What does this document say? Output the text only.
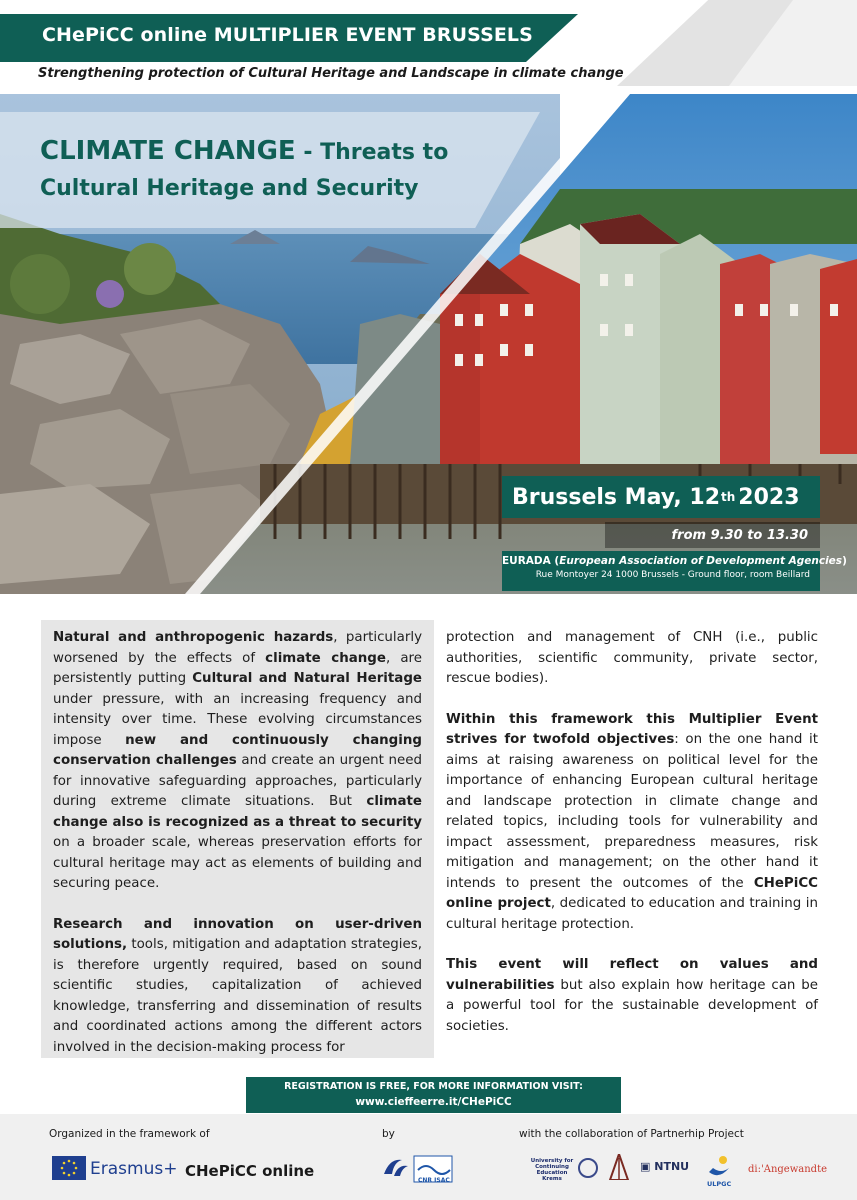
CHePiCC online MULTIPLIER EVENT BRUSSELS
Strengthening protection of Cultural Heritage and Landscape in climate change
CLIMATE CHANGE - Threats to Cultural Heritage and Security
Brussels May, 12 th 2023
from 9.30 to 13.30
EURADA (European Association of Development Agencies
Rue Montoyer 24 1000 Brussels - Ground floor, room Beillard

Natural and anthropogenic hazards, particularly worsened by the effects of climate change, are persistently putting Cultural and Natural Heritage under pressure, with an increasing frequency and intensity over time. These evolving circumstances impose new and continuously changing conservation challenges and create an urgent need for innovative safeguarding approaches, particularly during extreme climate situations. But climate change also is recognized as a threat to security on a broader scale, whereas preservation efforts for cultural heritage may act as elements of building and securing peace.

Research and innovation on user-driven solutions, tools, mitigation and adaptation strategies, is therefore urgently required, based on sound scientific studies, capitalization of achieved knowledge, transferring and dissemination of results and coordinated actions among the different actors involved in the decision-making process for

protection and management of CNH (i.e., public authorities, scientific community, private sector, rescue bodies).

Within this framework this Multiplier Event strives for twofold objectives: on the one hand it aims at raising awareness on political level for the importance of enhancing European cultural heritage and landscape protection in climate change and related topics, including tools for vulnerability and impact assessment, preparedness measures, risk mitigation and management; on the other hand it intends to present the outcomes of the CHePiCC online project, dedicated to education and training in cultural heritage protection.

This event will reflect on values and vulnerabilities but also explain how heritage can be a powerful tool for the sustainable development of societies.

REGISTRATION IS FREE, FOR MORE INFORMATION VISIT:
www.cieffeerre.it/CHePiCC
Organized in the framework of	by	with the collaboration of Partnerhip Project
Erasmus+ CHePiCC online
CNR ISAC
University for Continuing Education Krems
▣ NTNU
ULPGC
di:'Angewandte
